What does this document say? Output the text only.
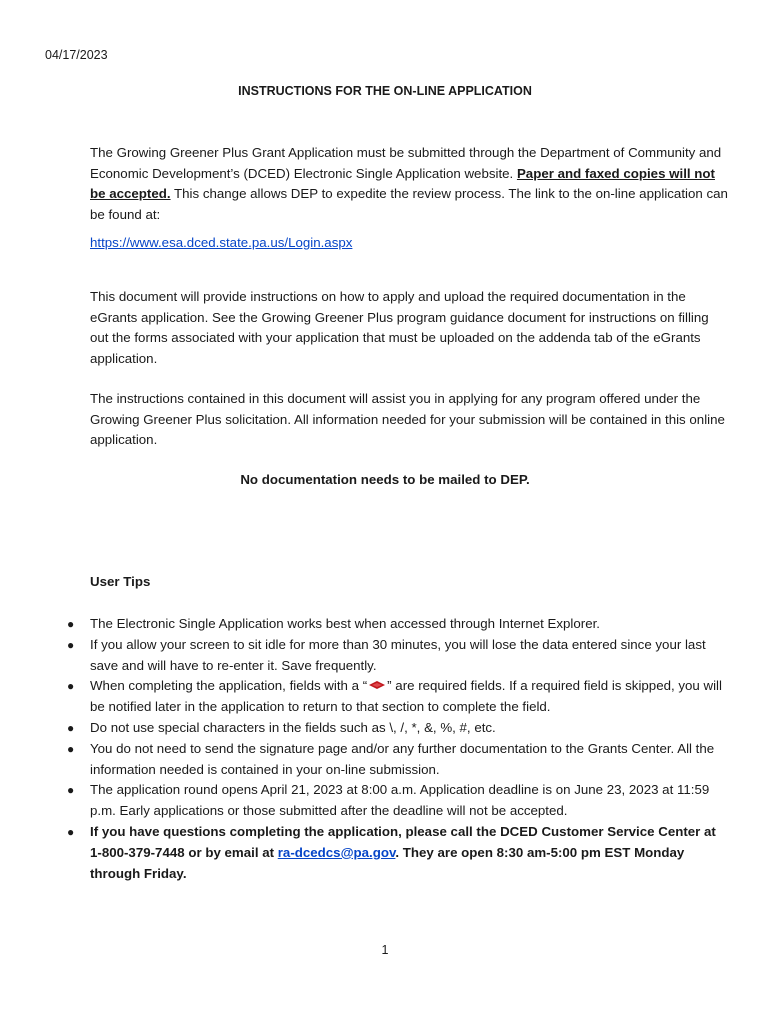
04/17/2023
INSTRUCTIONS FOR THE ON-LINE APPLICATION

The Growing Greener Plus Grant Application must be submitted through the Department of Community and Economic Development’s (DCED) Electronic Single Application website. Paper and faxed copies will not be accepted. This change allows DEP to expedite the review process. The link to the on-line application can be found at:

https://www.esa.dced.state.pa.us/Login.aspx

This document will provide instructions on how to apply and upload the required documentation in the eGrants application. See the Growing Greener Plus program guidance document for instructions on filling out the forms associated with your application that must be uploaded on the addenda tab of the eGrants application.

The instructions contained in this document will assist you in applying for any program offered under the Growing Greener Plus solicitation. All information needed for your submission will be contained in this online application.

No documentation needs to be mailed to DEP.
User Tips
● The Electronic Single Application works best when accessed through Internet Explorer.
● If you allow your screen to sit idle for more than 30 minutes, you will lose the data entered since your last save and will have to re-enter it. Save frequently.
● When completing the application, fields with a “ ” are required fields. If a required field is skipped, you will be notified later in the application to return to that section to complete the field.
● Do not use special characters in the fields such as \, /, *, &, %, #, etc.
● You do not need to send the signature page and/or any further documentation to the Grants Center. All the information needed is contained in your on-line submission.
● The application round opens April 21, 2023 at 8:00 a.m. Application deadline is on June 23, 2023 at 11:59 p.m. Early applications or those submitted after the deadline will not be accepted.
● If you have questions completing the application, please call the DCED Customer Service Center at 1-800-379-7448 or by email at ra-dcedcs@pa.gov. They are open 8:30 am-5:00 pm EST Monday through Friday.
1
